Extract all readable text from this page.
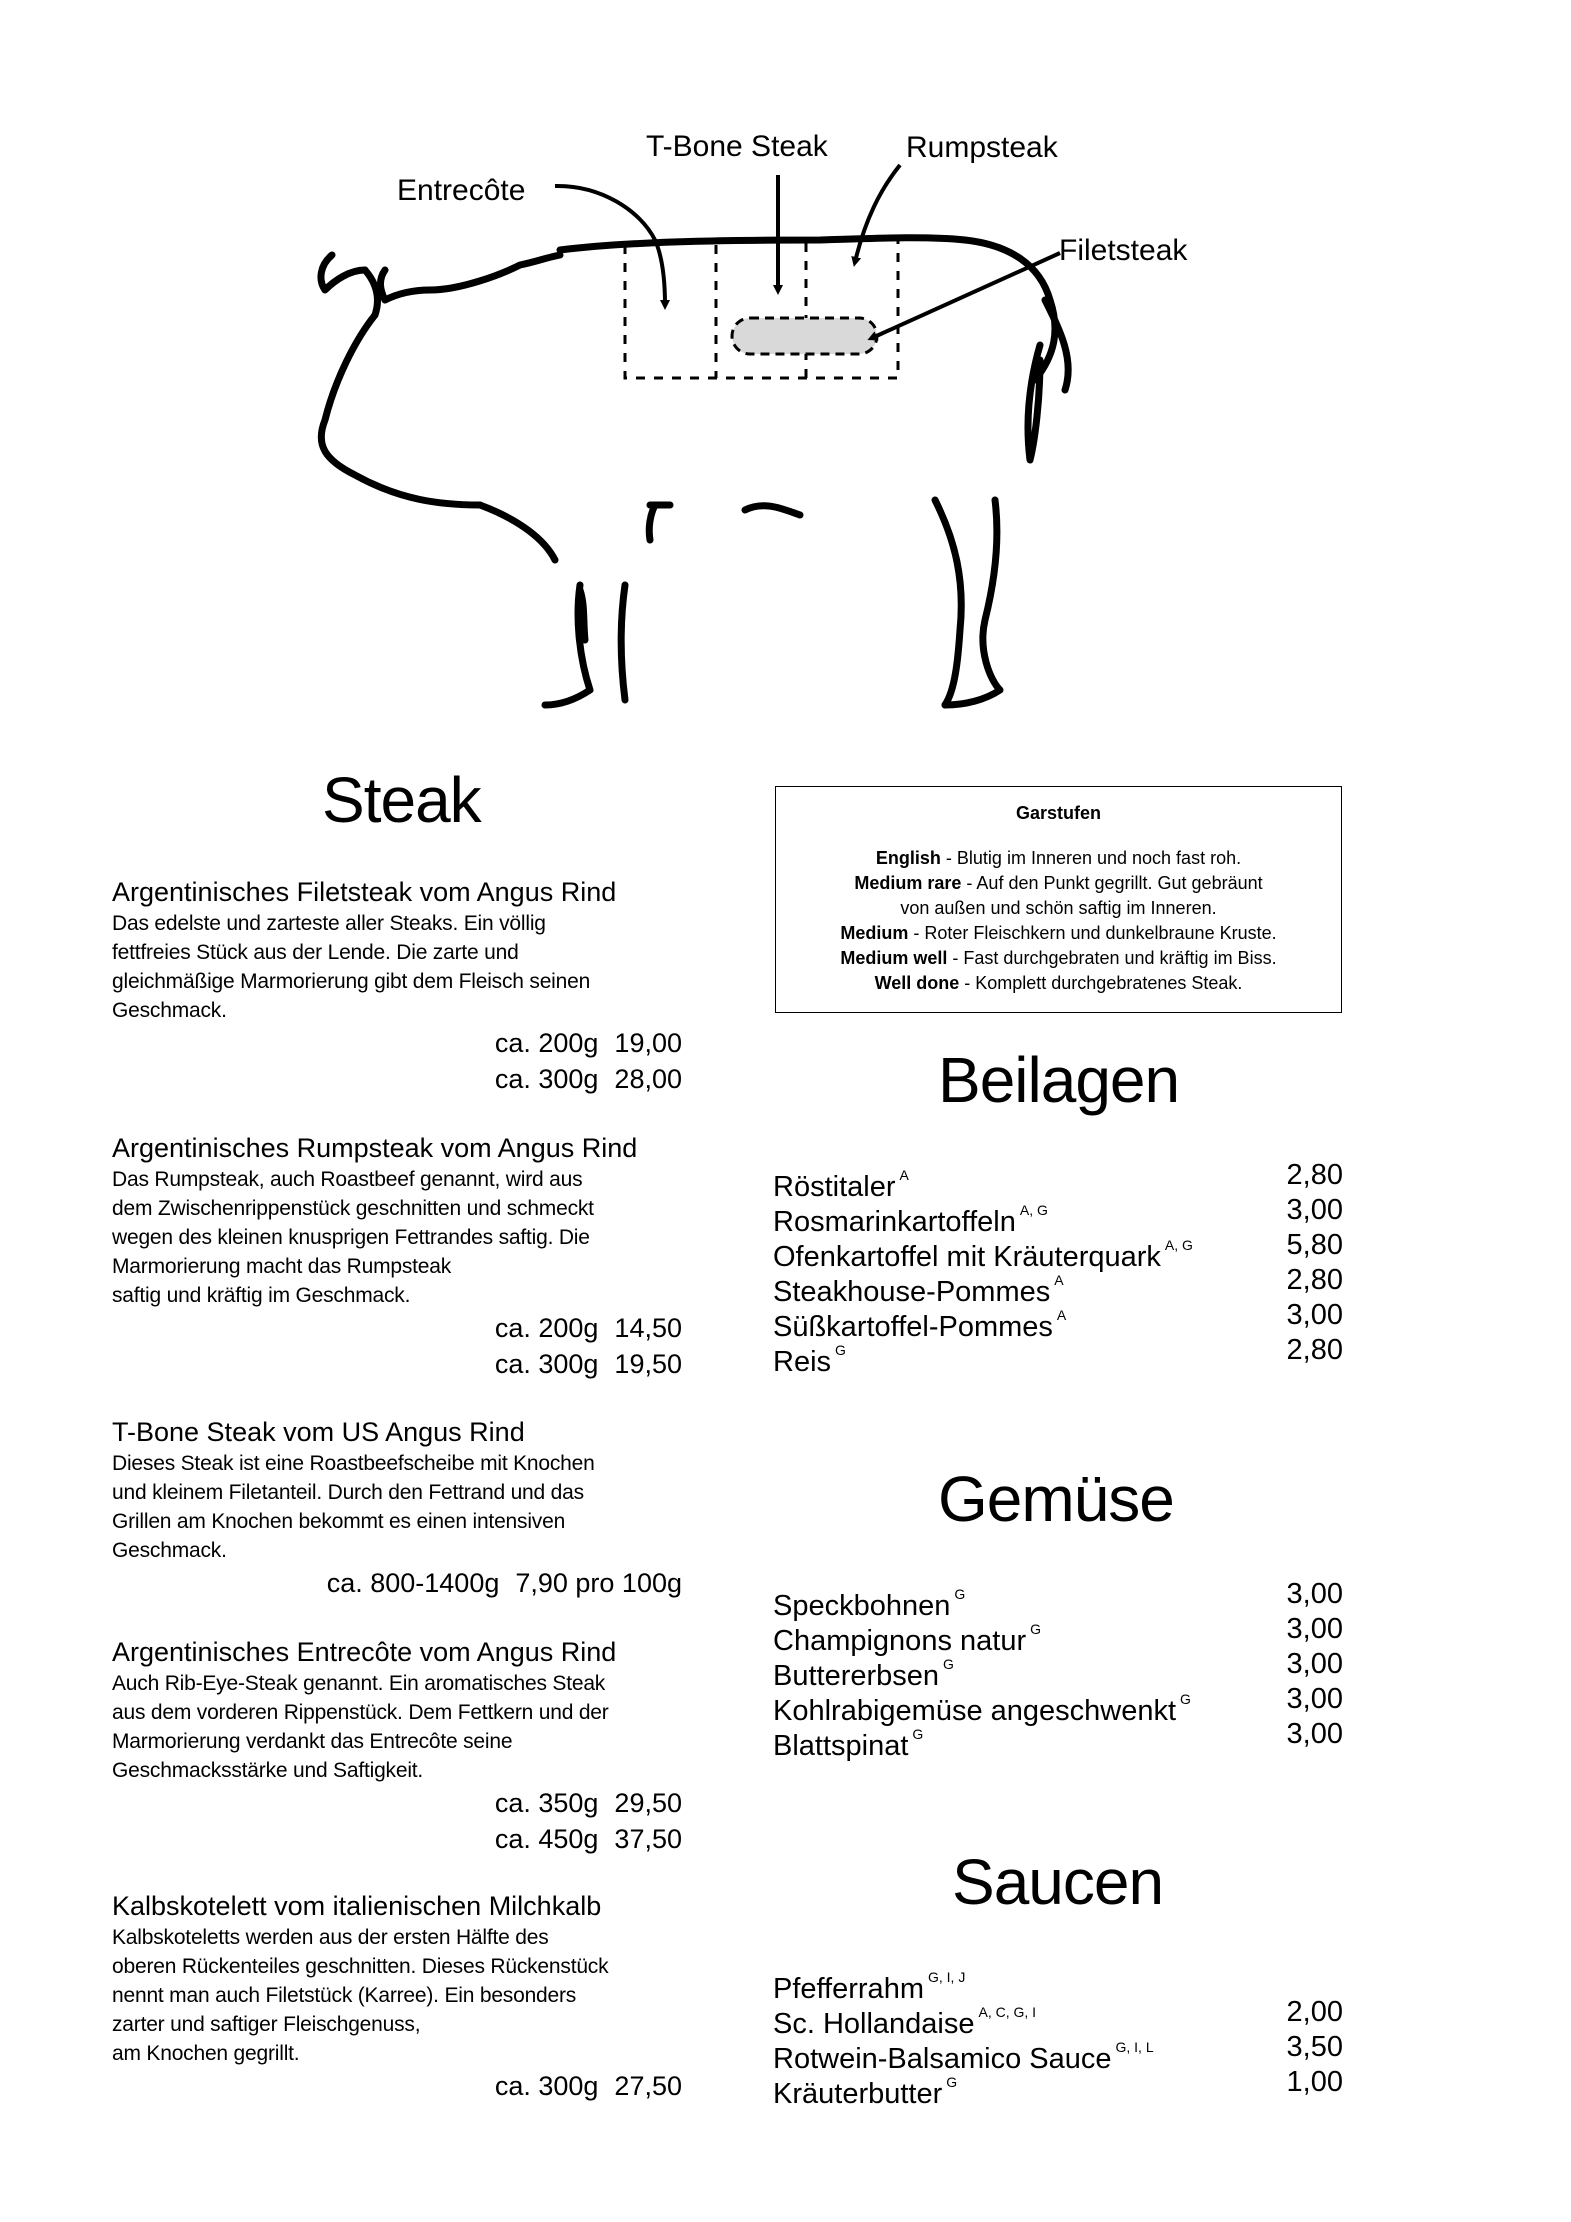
Entrecôte
T-Bone Steak	Rumpsteak
Filetsteak
Steak
Argentinisches Filetsteak vom Angus Rind
Das edelste und zarteste aller Steaks. Ein völlig
fettfreies Stück aus der Lende. Die zarte und
gleichmäßige Marmorierung gibt dem Fleisch seinen
Geschmack.
ca. 200g 19,00
ca. 300g 28,00
Argentinisches Rumpsteak vom Angus Rind
Das Rumpsteak, auch Roastbeef genannt, wird aus
dem Zwischenrippenstück geschnitten und schmeckt
wegen des kleinen knusprigen Fettrandes saftig. Die
Marmorierung macht das Rumpsteak
saftig und kräftig im Geschmack.
ca. 200g 14,50
ca. 300g 19,50
T-Bone Steak vom US Angus Rind
Dieses Steak ist eine Roastbeefscheibe mit Knochen
und kleinem Filetanteil. Durch den Fettrand und das
Grillen am Knochen bekommt es einen intensiven
Geschmack.
ca. 800-1400g 7,90 pro 100g
Argentinisches Entrecôte vom Angus Rind
Auch Rib-Eye-Steak genannt. Ein aromatisches Steak
aus dem vorderen Rippenstück. Dem Fettkern und der
Marmorierung verdankt das Entrecôte seine
Geschmacksstärke und Saftigkeit.
ca. 350g 29,50
ca. 450g 37,50
Kalbskotelett vom italienischen Milchkalb
Kalbskoteletts werden aus der ersten Hälfte des
oberen Rückenteiles geschnitten. Dieses Rückenstück
nennt man auch Filetstück (Karree). Ein besonders
zarter und saftiger Fleischgenuss,
am Knochen gegrillt.
ca. 300g 27,50
Garstufen
English - Blutig im Inneren und noch fast roh.
Medium rare - Auf den Punkt gegrillt. Gut gebräunt
von außen und schön saftig im Inneren.
Medium - Roter Fleischkern und dunkelbraune Kruste.
Medium well - Fast durchgebraten und kräftig im Biss.
Well done - Komplett durchgebratenes Steak.
Beilagen
Röstitaler $^A$	2,80
Rosmarinkartoffeln $^{A, G}$	3,00
Ofenkartoffel mit Kräuterquark $^{A, G}$	5,80
Steakhouse-Pommes $^A$	2,80
Süßkartoffel-Pommes $^A$	3,00
Reis $^G$	2,80
Gemüse
Speckbohnen $^G$	3,00
Champignons natur $^G$	3,00
Buttererbsen $^G$	3,00
Kohlrabigemüse angeschwenkt $^G$	3,00
Blattspinat $^G$	3,00
Saucen
Pfefferrahm $^{G, I, J}$
Sc. Hollandaise $^{A, C, G, I}$	2,00
Rotwein-Balsamico Sauce $^{G, I, L}$	3,50
Kräuterbutter $^G$	1,00
